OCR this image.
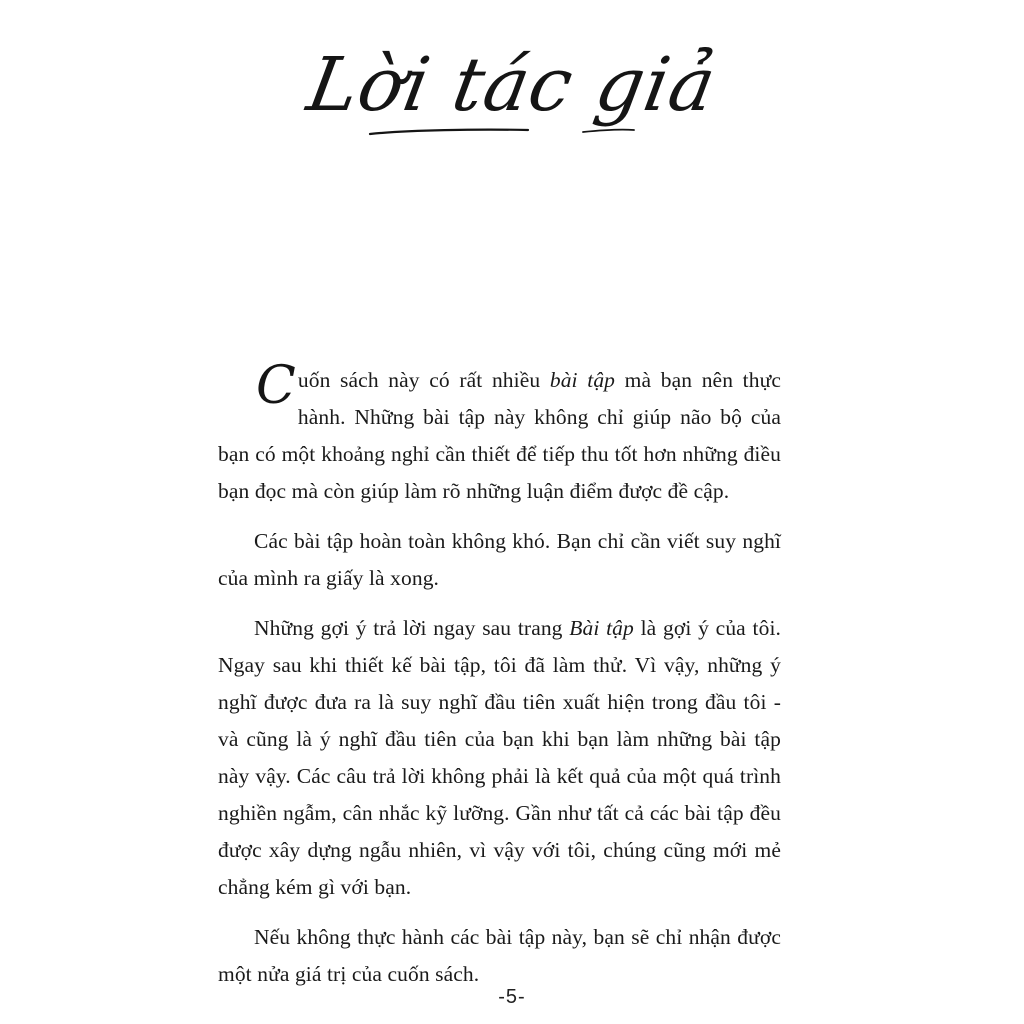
Lời tác giả

Cuốn sách này có rất nhiều bài tập mà bạn nên thực hành. Những bài tập này không chỉ giúp não bộ của bạn có một khoảng nghỉ cần thiết để tiếp thu tốt hơn những điều bạn đọc mà còn giúp làm rõ những luận điểm được đề cập.

Các bài tập hoàn toàn không khó. Bạn chỉ cần viết suy nghĩ của mình ra giấy là xong.

Những gợi ý trả lời ngay sau trang Bài tập là gợi ý của tôi. Ngay sau khi thiết kế bài tập, tôi đã làm thử. Vì vậy, những ý nghĩ được đưa ra là suy nghĩ đầu tiên xuất hiện trong đầu tôi - và cũng là ý nghĩ đầu tiên của bạn khi bạn làm những bài tập này vậy. Các câu trả lời không phải là kết quả của một quá trình nghiền ngẫm, cân nhắc kỹ lưỡng. Gần như tất cả các bài tập đều được xây dựng ngẫu nhiên, vì vậy với tôi, chúng cũng mới mẻ chẳng kém gì với bạn.

Nếu không thực hành các bài tập này, bạn sẽ chỉ nhận được một nửa giá trị của cuốn sách.

-5-
